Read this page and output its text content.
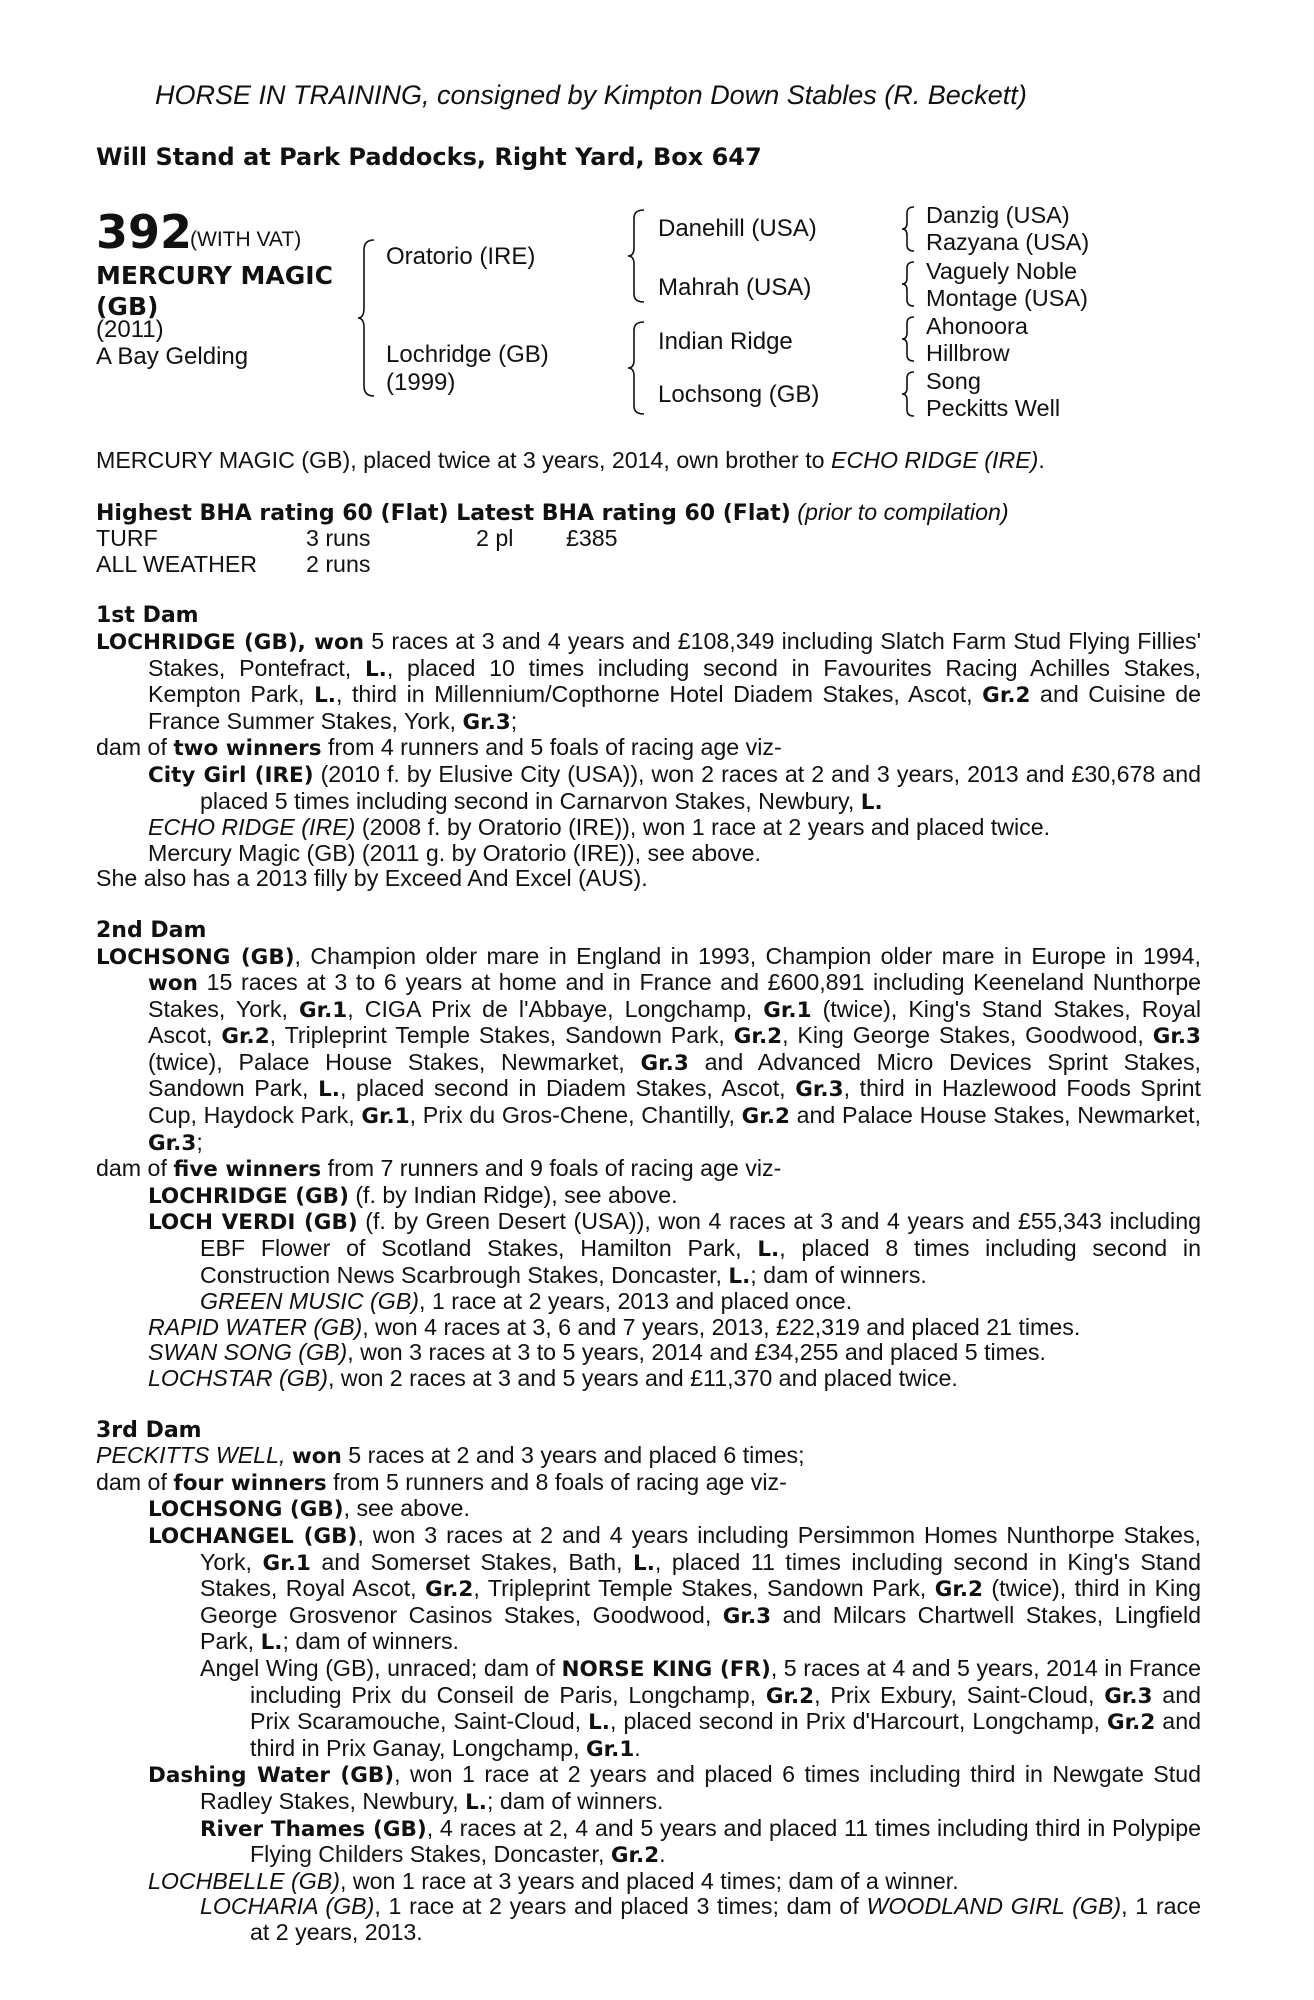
HORSE IN TRAINING, consigned by Kimpton Down Stables (R. Beckett)
Will Stand at Park Paddocks, Right Yard, Box 647
392
(WITH VAT)
MERCURY MAGIC
(GB)
(2011)
A Bay Gelding
Oratorio (IRE)
Lochridge (GB)
(1999)
Danehill (USA)
Mahrah (USA)
Indian Ridge
Lochsong (GB)
Danzig (USA)
Razyana (USA)
Vaguely Noble
Montage (USA)
Ahonoora
Hillbrow
Song
Peckitts Well

MERCURY MAGIC (GB), placed twice at 3 years, 2014, own brother to ECHO RIDGE (IRE).

Highest BHA rating 60 (Flat) Latest BHA rating 60 (Flat) (prior to compilation)

TURF	3 runs	2 pl	£385
ALL WEATHER	2 runs

1st Dam

LOCHRIDGE (GB), won 5 races at 3 and 4 years and £108,349 including Slatch Farm Stud Flying Fillies' Stakes, Pontefract, L., placed 10 times including second in Favourites Racing Achilles Stakes, Kempton Park, L., third in Millennium/Copthorne Hotel Diadem Stakes, Ascot, Gr.2 and Cuisine de France Summer Stakes, York, Gr.3;

dam of two winners from 4 runners and 5 foals of racing age viz-

City Girl (IRE) (2010 f. by Elusive City (USA)), won 2 races at 2 and 3 years, 2013 and £30,678 and placed 5 times including second in Carnarvon Stakes, Newbury, L.

ECHO RIDGE (IRE) (2008 f. by Oratorio (IRE)), won 1 race at 2 years and placed twice.

Mercury Magic (GB) (2011 g. by Oratorio (IRE)), see above.

She also has a 2013 filly by Exceed And Excel (AUS).

2nd Dam

LOCHSONG (GB), Champion older mare in England in 1993, Champion older mare in Europe in 1994, won 15 races at 3 to 6 years at home and in France and £600,891 including Keeneland Nunthorpe Stakes, York, Gr.1, CIGA Prix de l'Abbaye, Longchamp, Gr.1 (twice), King's Stand Stakes, Royal Ascot, Gr.2, Tripleprint Temple Stakes, Sandown Park, Gr.2, King George Stakes, Goodwood, Gr.3 (twice), Palace House Stakes, Newmarket, Gr.3 and Advanced Micro Devices Sprint Stakes, Sandown Park, L., placed second in Diadem Stakes, Ascot, Gr.3, third in Hazlewood Foods Sprint Cup, Haydock Park, Gr.1, Prix du Gros-Chene, Chantilly, Gr.2 and Palace House Stakes, Newmarket, Gr.3;

dam of five winners from 7 runners and 9 foals of racing age viz-

LOCHRIDGE (GB) (f. by Indian Ridge), see above.

LOCH VERDI (GB) (f. by Green Desert (USA)), won 4 races at 3 and 4 years and £55,343 including EBF Flower of Scotland Stakes, Hamilton Park, L., placed 8 times including second in Construction News Scarbrough Stakes, Doncaster, L.; dam of winners.

GREEN MUSIC (GB), 1 race at 2 years, 2013 and placed once.

RAPID WATER (GB), won 4 races at 3, 6 and 7 years, 2013, £22,319 and placed 21 times.

SWAN SONG (GB), won 3 races at 3 to 5 years, 2014 and £34,255 and placed 5 times.

LOCHSTAR (GB), won 2 races at 3 and 5 years and £11,370 and placed twice.

3rd Dam

PECKITTS WELL, won 5 races at 2 and 3 years and placed 6 times;

dam of four winners from 5 runners and 8 foals of racing age viz-

LOCHSONG (GB), see above.

LOCHANGEL (GB), won 3 races at 2 and 4 years including Persimmon Homes Nunthorpe Stakes, York, Gr.1 and Somerset Stakes, Bath, L., placed 11 times including second in King's Stand Stakes, Royal Ascot, Gr.2, Tripleprint Temple Stakes, Sandown Park, Gr.2 (twice), third in King George Grosvenor Casinos Stakes, Goodwood, Gr.3 and Milcars Chartwell Stakes, Lingfield Park, L.; dam of winners.

Angel Wing (GB), unraced; dam of NORSE KING (FR), 5 races at 4 and 5 years, 2014 in France including Prix du Conseil de Paris, Longchamp, Gr.2, Prix Exbury, Saint-Cloud, Gr.3 and Prix Scaramouche, Saint-Cloud, L., placed second in Prix d'Harcourt, Longchamp, Gr.2 and third in Prix Ganay, Longchamp, Gr.1.

Dashing Water (GB), won 1 race at 2 years and placed 6 times including third in Newgate Stud Radley Stakes, Newbury, L.; dam of winners.

River Thames (GB), 4 races at 2, 4 and 5 years and placed 11 times including third in Polypipe Flying Childers Stakes, Doncaster, Gr.2.

LOCHBELLE (GB), won 1 race at 3 years and placed 4 times; dam of a winner.

LOCHARIA (GB), 1 race at 2 years and placed 3 times; dam of WOODLAND GIRL (GB), 1 race at 2 years, 2013.
